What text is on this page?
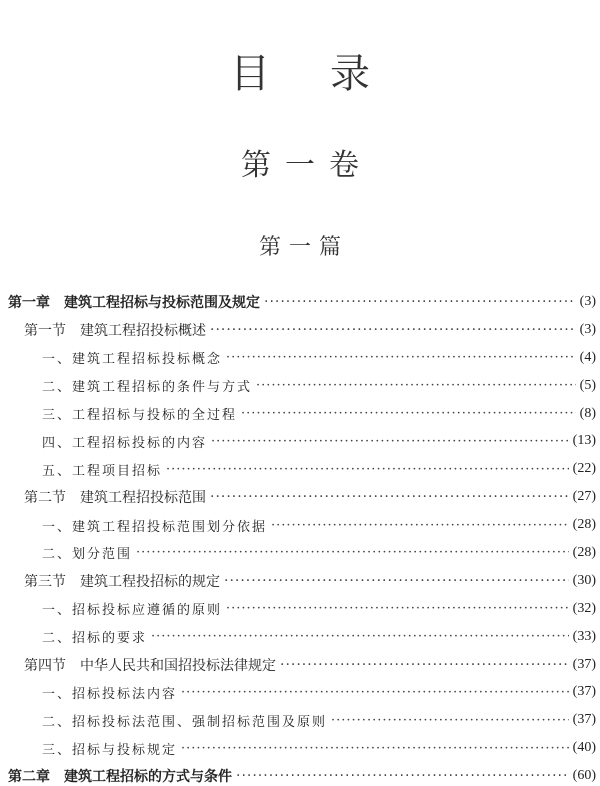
目录
第一卷
第一篇
第一章 建筑工程招标与投标范围及规定 ·····	(3)
第一节 建筑工程招投标概述 ·····	(3)
一、建筑工程招标投标概念 ·····	(4)
二、建筑工程招标的条件与方式 ·····	(5)
三、工程招标与投标的全过程 ·····	(8)
四、工程招标投标的内容 ·····	(13)
五、工程项目招标 ·····	(22)
第二节 建筑工程招投标范围 ·····	(27)
一、建筑工程招投标范围划分依据 ·····	(28)
二、划分范围 ·····	(28)
第三节 建筑工程投招标的规定 ·····	(30)
一、招标投标应遵循的原则 ·····	(32)
二、招标的要求 ·····	(33)
第四节 中华人民共和国招投标法律规定 ·····	(37)
一、招标投标法内容 ·····	(37)
二、招标投标法范围、强制招标范围及原则 ·····	(37)
三、招标与投标规定 ·····	(40)
第二章 建筑工程招标的方式与条件 ·····	(60)
